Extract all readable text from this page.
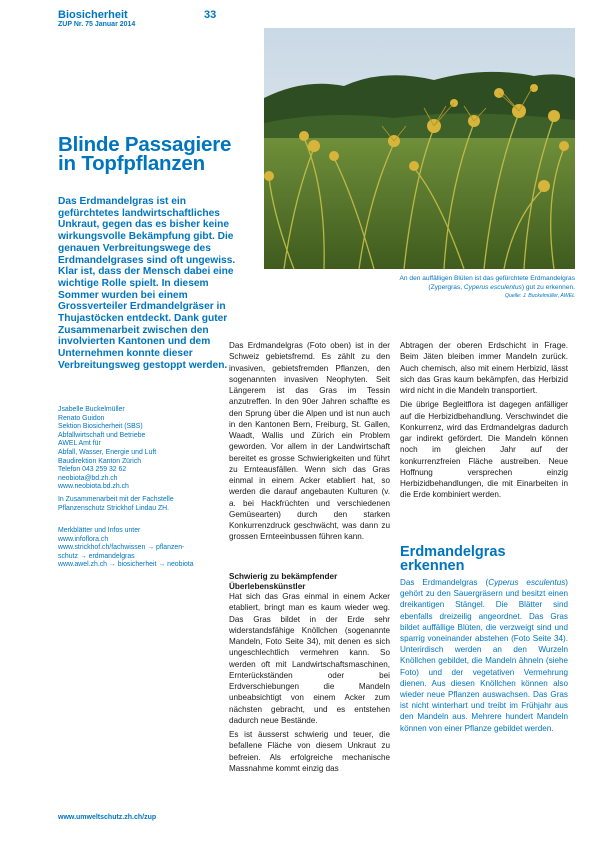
Biosicherheit
ZUP Nr. 75 Januar 2014
33
An den auffälligen Blüten ist das gefürchtete Erdmandelgras
(Zypergras, Cyperus esculentus) gut zu erkennen.
Quelle: J. Buckelmüller, AWEL
Blinde Passagiere in Topfpflanzen
Das Erdmandelgras ist ein gefürchtetes landwirtschaftliches Unkraut, gegen das es bisher keine wirkungsvolle Bekämpfung gibt. Die genauen Verbreitungswege des Erdmandelgrases sind oft ungewiss. Klar ist, dass der Mensch dabei eine wichtige Rolle spielt. In diesem Sommer wurden bei einem Grossverteiler Erdmandelgräser in Thujastöcken entdeckt. Dank guter Zusammenarbeit zwischen den involvierten Kantonen und dem Unternehmen konnte dieser Verbreitungsweg gestoppt werden.
Jsabelle Buckelmüller
Renato Guidon
Sektion Biosicherheit (SBS)
Abfallwirtschaft und Betriebe
AWEL Amt für
Abfall, Wasser, Energie und Luft
Baudirektion Kanton Zürich
Telefon 043 259 32 62
neobiota@bd.zh.ch
www.neobiota.bd.zh.ch
In Zusammenarbeit mit der Fachstelle
Pflanzenschutz Strickhof Lindau ZH.
Merkblätter und Infos unter
www.infoflora.ch
www.strickhof.ch/fachwissen → pflanzen-
schutz → erdmandelgras
www.awel.zh.ch → biosicherheit → neobiota

Das Erdmandelgras (Foto oben) ist in der Schweiz gebietsfremd. Es zählt zu den invasiven, gebietsfremden Pflanzen, den sogenannten invasiven Neophyten. Seit Längerem ist das Gras im Tessin anzutreffen. In den 90er Jahren schaffte es den Sprung über die Alpen und ist nun auch in den Kantonen Bern, Freiburg, St. Gallen, Waadt, Wallis und Zürich ein Problem geworden. Vor allem in der Landwirtschaft bereitet es grosse Schwierigkeiten und führt zu Ernteausfällen. Wenn sich das Gras einmal in einem Acker etabliert hat, so werden die darauf angebauten Kulturen (v. a. bei Hackfrüchten und verschiedenen Gemüsearten) durch den starken Konkurrenzdruck geschwächt, was dann zu grossen Ernteeinbussen führen kann.

Schwierig zu bekämpfender Überlebenskünstler

Hat sich das Gras einmal in einem Acker etabliert, bringt man es kaum wieder weg. Das Gras bildet in der Erde sehr widerstandsfähige Knöllchen (sogenannte Mandeln, Foto Seite 34), mit denen es sich ungeschlechtlich vermehren kann. So werden oft mit Landwirtschaftsmaschinen, Ernterückständen oder bei Erdverschiebungen die Mandeln unbeabsichtigt von einem Acker zum nächsten gebracht, und es entstehen dadurch neue Bestände.

Es ist äusserst schwierig und teuer, die befallene Fläche von diesem Unkraut zu befreien. Als erfolgreiche mechanische Massnahme kommt einzig das

Abtragen der oberen Erdschicht in Frage. Beim Jäten bleiben immer Mandeln zurück. Auch chemisch, also mit einem Herbizid, lässt sich das Gras kaum bekämpfen, das Herbizid wird nicht in die Mandeln transportiert.

Die übrige Begleitflora ist dagegen anfälliger auf die Herbizidbehandlung. Verschwindet die Konkurrenz, wird das Erdmandelgras dadurch gar indirekt gefördert. Die Mandeln können noch im gleichen Jahr auf der konkurrenzfreien Fläche austreiben. Neue Hoffnung versprechen einzig Herbizidbehandlungen, die mit Einarbeiten in die Erde kombiniert werden.

Erdmandelgras erkennen
Das Erdmandelgras (Cyperus esculentus) gehört zu den Sauergräsern und besitzt einen dreikantigen Stängel. Die Blätter sind ebenfalls dreizeilig angeordnet. Das Gras bildet auffällige Blüten, die verzweigt sind und sparrig voneinander abstehen (Foto Seite 34). Unterirdisch werden an den Wurzeln Knöllchen gebildet, die Mandeln ähneln (siehe Foto) und der vegetativen Vermehrung dienen. Aus diesen Knöllchen können also wieder neue Pflanzen auswachsen. Das Gras ist nicht winterhart und treibt im Frühjahr aus den Mandeln aus. Mehrere hundert Mandeln können von einer Pflanze gebildet werden.
www.umweltschutz.zh.ch/zup
